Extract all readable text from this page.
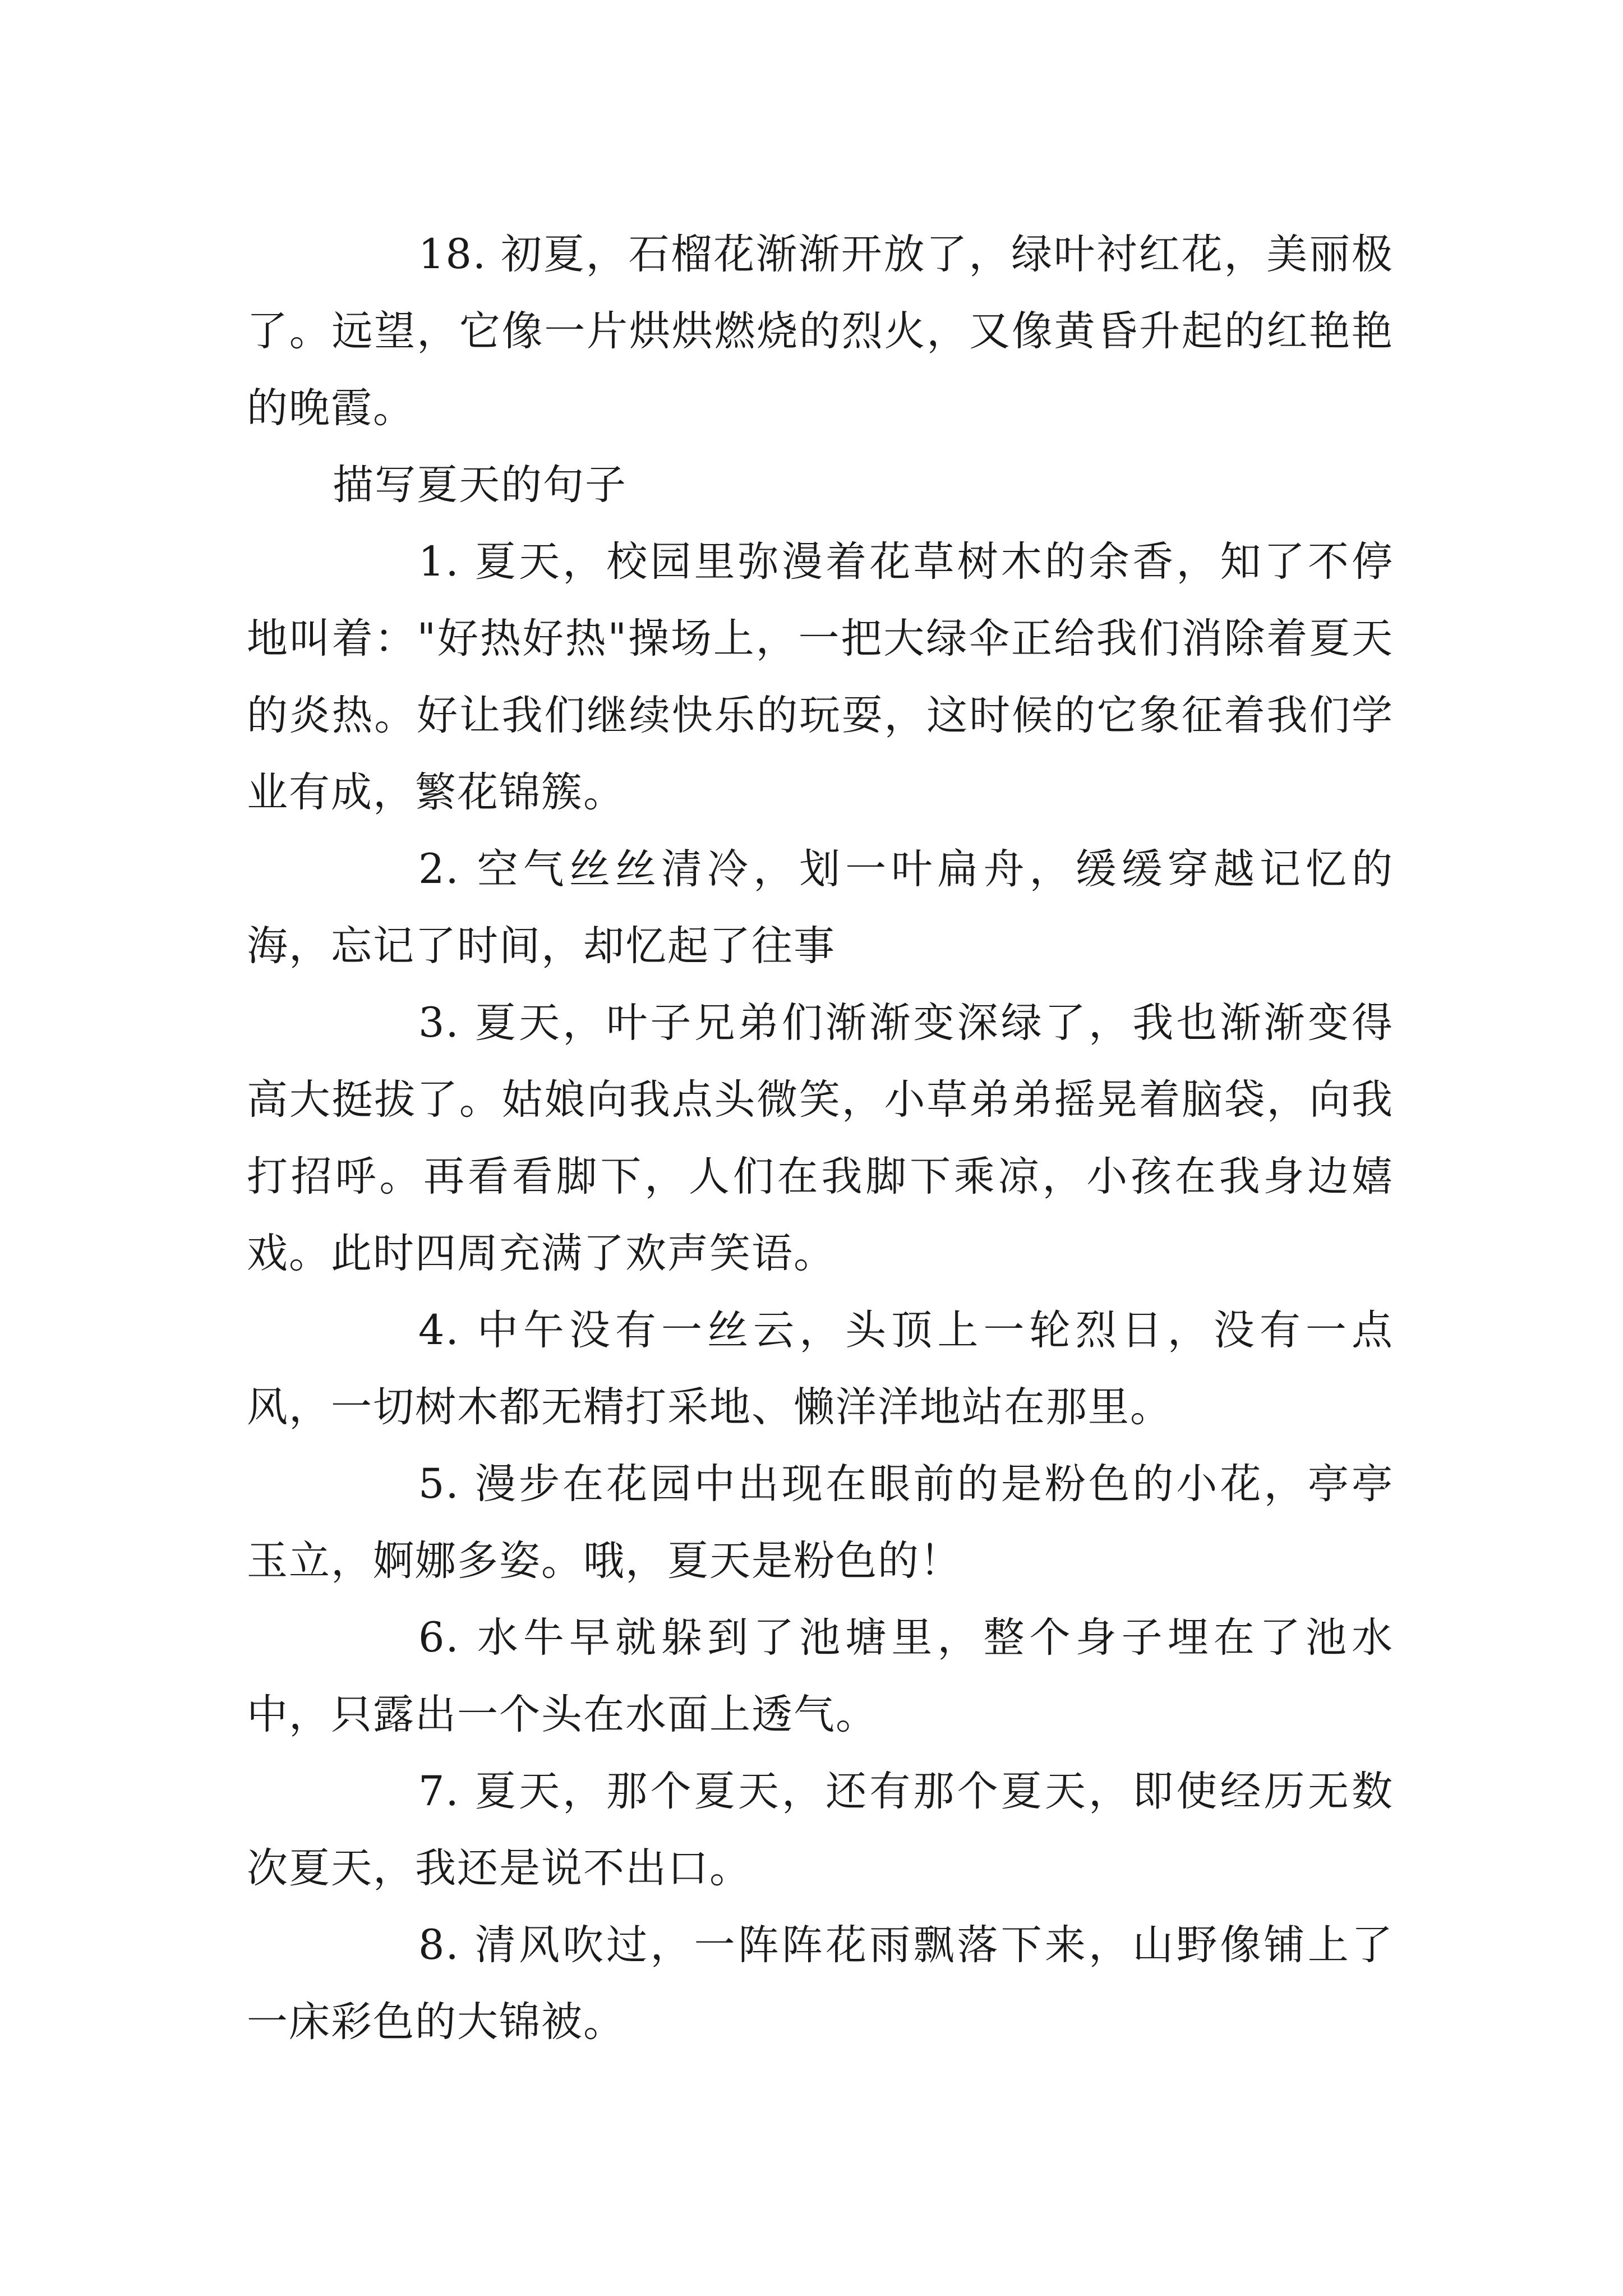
18. 初夏，石榴花渐渐开放了，绿叶衬红花，美丽极了。远望，它像一片烘烘燃烧的烈火，又像黄昏升起的红艳艳的晚霞。

描写夏天的句子

1. 夏天，校园里弥漫着花草树木的余香，知了不停地叫着："好热好热"操场上，一把大绿伞正给我们消除着夏天的炎热。好让我们继续快乐的玩耍，这时候的它象征着我们学业有成，繁花锦簇。

2. 空气丝丝清冷，划一叶扁舟，缓缓穿越记忆的海，忘记了时间，却忆起了往事

3. 夏天，叶子兄弟们渐渐变深绿了，我也渐渐变得高大挺拔了。姑娘向我点头微笑，小草弟弟摇晃着脑袋，向我打招呼。再看看脚下，人们在我脚下乘凉，小孩在我身边嬉戏。此时四周充满了欢声笑语。

4. 中午没有一丝云，头顶上一轮烈日，没有一点风，一切树木都无精打采地、懒洋洋地站在那里。

5. 漫步在花园中出现在眼前的是粉色的小花，亭亭玉立，婀娜多姿。哦，夏天是粉色的！

6. 水牛早就躲到了池塘里，整个身子埋在了池水中，只露出一个头在水面上透气。

7. 夏天，那个夏天，还有那个夏天，即使经历无数次夏天，我还是说不出口。

8. 清风吹过，一阵阵花雨飘落下来，山野像铺上了一床彩色的大锦被。
